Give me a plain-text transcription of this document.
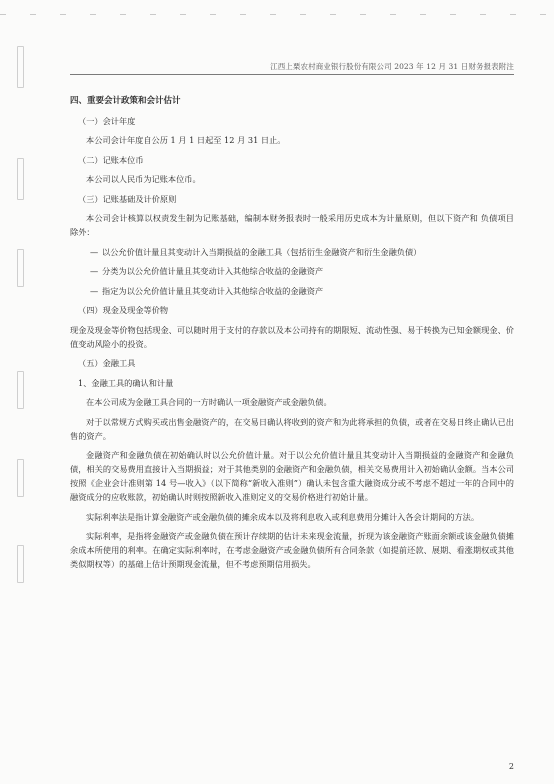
江西上栗农村商业银行股份有限公司 2023 年 12 月 31 日财务报表附注
四、重要会计政策和会计估计
（一）会计年度

本公司会计年度自公历 1 月 1 日起至 12 月 31 日止。

（二）记账本位币

本公司以人民币为记账本位币。

（三）记账基础及计价原则

本公司会计核算以权责发生制为记账基础，编制本财务报表时一般采用历史成本为计量原则，但以下资产和 负债项目除外：

— 以公允价值计量且其变动计入当期损益的金融工具（包括衍生金融资产和衍生金融负债）
— 分类为以公允价值计量且其变动计入其他综合收益的金融资产
— 指定为以公允价值计量且其变动计入其他综合收益的金融资产
（四）现金及现金等价物

现金及现金等价物包括现金、可以随时用于支付的存款以及本公司持有的期限短、流动性强、易于转换为已知金额现金、价值变动风险小的投资。

（五）金融工具
1、金融工具的确认和计量

在本公司成为金融工具合同的一方时确认一项金融资产或金融负债。

对于以常规方式购买或出售金融资产的，在交易日确认将收到的资产和为此将承担的负债，或者在交易日终止确认已出售的资产。

金融资产和金融负债在初始确认时以公允价值计量。对于以公允价值计量且其变动计入当期损益的金融资产和金融负债，相关的交易费用直接计入当期损益；对于其他类别的金融资产和金融负债，相关交易费用计入初始确认金额。当本公司按照《企业会计准则第 14 号—收入》（以下简称“新收入准则”）确认未包含重大融资成分或不考虑不超过一年的合同中的融资成分的应收账款，初始确认时则按照新收入准则定义的交易价格进行初始计量。

实际利率法是指计算金融资产或金融负债的摊余成本以及将利息收入或利息费用分摊计入各会计期间的方法。

实际利率，是指将金融资产或金融负债在预计存续期的估计未来现金流量，折现为该金融资产账面余额或该金融负债摊余成本所使用的利率。在确定实际利率时，在考虑金融资产或金融负债所有合同条款（如提前还款、展期、看涨期权或其他类似期权等）的基础上估计预期现金流量，但不考虑预期信用损失。

2
